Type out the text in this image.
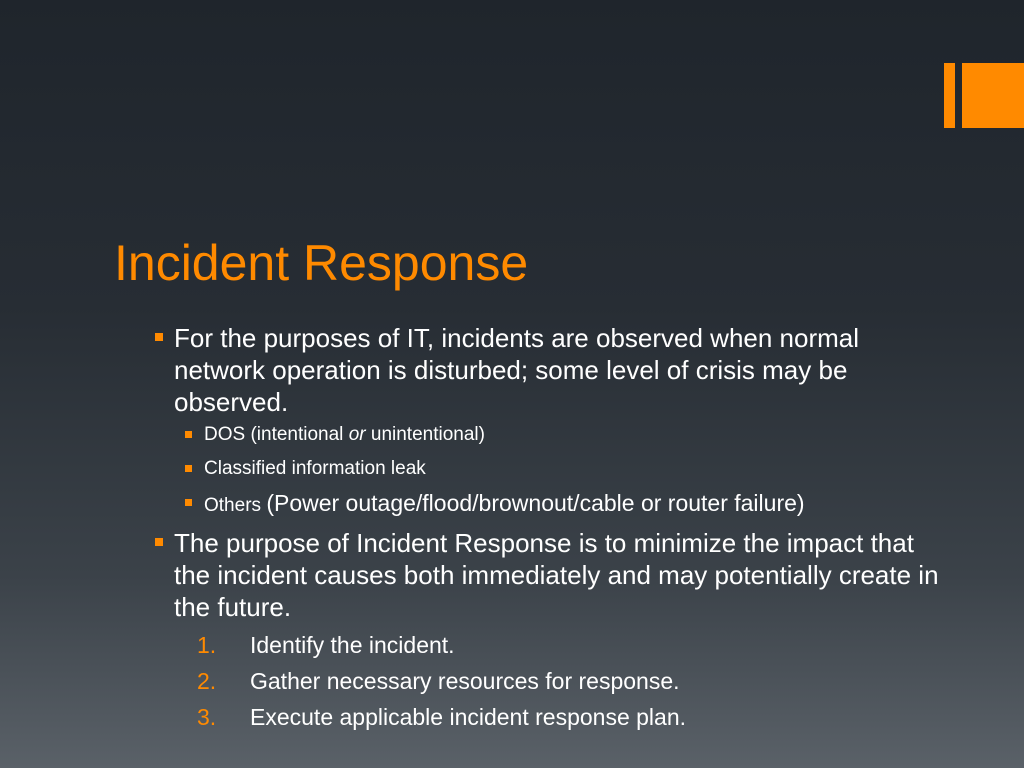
Incident Response
For the purposes of IT, incidents are observed when normal network operation is disturbed; some level of crisis may be observed.
DOS (intentional or unintentional)
Classified information leak
Others (Power outage/flood/brownout/cable or router failure)
The purpose of Incident Response is to minimize the impact that the incident causes both immediately and may potentially create in the future.
1. Identify the incident.
2. Gather necessary resources for response.
3. Execute applicable incident response plan.
